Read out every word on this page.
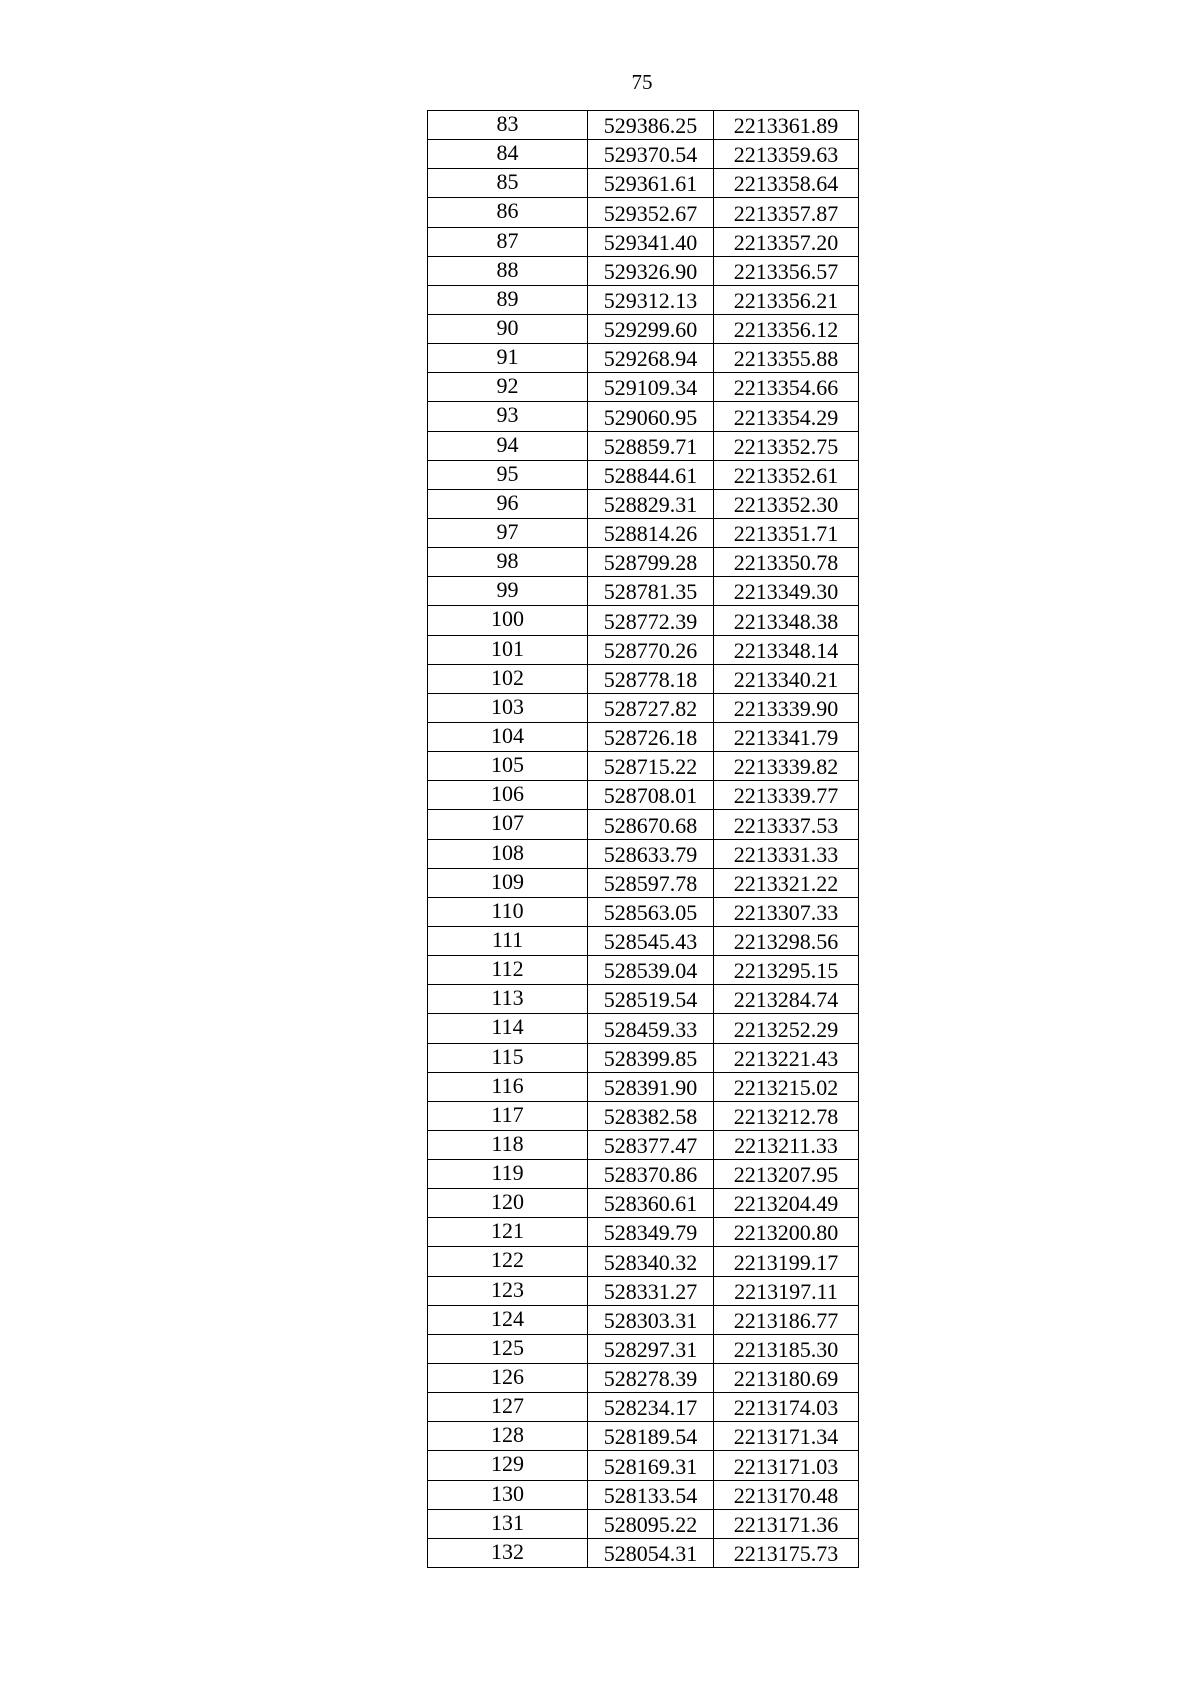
75
83	529386.25	2213361.89
84	529370.54	2213359.63
85	529361.61	2213358.64
86	529352.67	2213357.87
87	529341.40	2213357.20
88	529326.90	2213356.57
89	529312.13	2213356.21
90	529299.60	2213356.12
91	529268.94	2213355.88
92	529109.34	2213354.66
93	529060.95	2213354.29
94	528859.71	2213352.75
95	528844.61	2213352.61
96	528829.31	2213352.30
97	528814.26	2213351.71
98	528799.28	2213350.78
99	528781.35	2213349.30
100	528772.39	2213348.38
101	528770.26	2213348.14
102	528778.18	2213340.21
103	528727.82	2213339.90
104	528726.18	2213341.79
105	528715.22	2213339.82
106	528708.01	2213339.77
107	528670.68	2213337.53
108	528633.79	2213331.33
109	528597.78	2213321.22
110	528563.05	2213307.33
111	528545.43	2213298.56
112	528539.04	2213295.15
113	528519.54	2213284.74
114	528459.33	2213252.29
115	528399.85	2213221.43
116	528391.90	2213215.02
117	528382.58	2213212.78
118	528377.47	2213211.33
119	528370.86	2213207.95
120	528360.61	2213204.49
121	528349.79	2213200.80
122	528340.32	2213199.17
123	528331.27	2213197.11
124	528303.31	2213186.77
125	528297.31	2213185.30
126	528278.39	2213180.69
127	528234.17	2213174.03
128	528189.54	2213171.34
129	528169.31	2213171.03
130	528133.54	2213170.48
131	528095.22	2213171.36
132	528054.31	2213175.73
